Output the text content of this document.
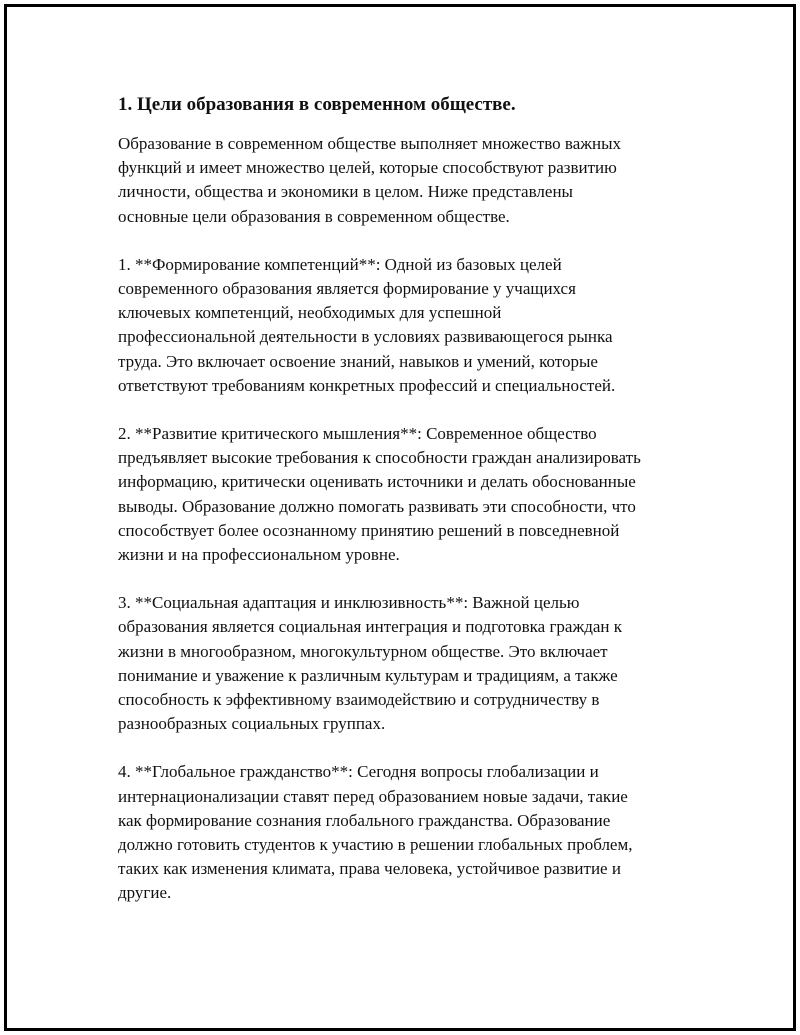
1. Цели образования в современном обществе.
Образование в современном обществе выполняет множество важных
функций и имеет множество целей, которые способствуют развитию
личности, общества и экономики в целом. Ниже представлены
основные цели образования в современном обществе.
1. **Формирование компетенций**: Одной из базовых целей
современного образования является формирование у учащихся
ключевых компетенций, необходимых для успешной
профессиональной деятельности в условиях развивающегося рынка
труда. Это включает освоение знаний, навыков и умений, которые
ответствуют требованиям конкретных профессий и специальностей.
2. **Развитие критического мышления**: Современное общество
предъявляет высокие требования к способности граждан анализировать
информацию, критически оценивать источники и делать обоснованные
выводы. Образование должно помогать развивать эти способности, что
способствует более осознанному принятию решений в повседневной
жизни и на профессиональном уровне.
3. **Социальная адаптация и инклюзивность**: Важной целью
образования является социальная интеграция и подготовка граждан к
жизни в многообразном, многокультурном обществе. Это включает
понимание и уважение к различным культурам и традициям, а также
способность к эффективному взаимодействию и сотрудничеству в
разнообразных социальных группах.
4. **Глобальное гражданство**: Сегодня вопросы глобализации и
интернационализации ставят перед образованием новые задачи, такие
как формирование сознания глобального гражданства. Образование
должно готовить студентов к участию в решении глобальных проблем,
таких как изменения климата, права человека, устойчивое развитие и
другие.
